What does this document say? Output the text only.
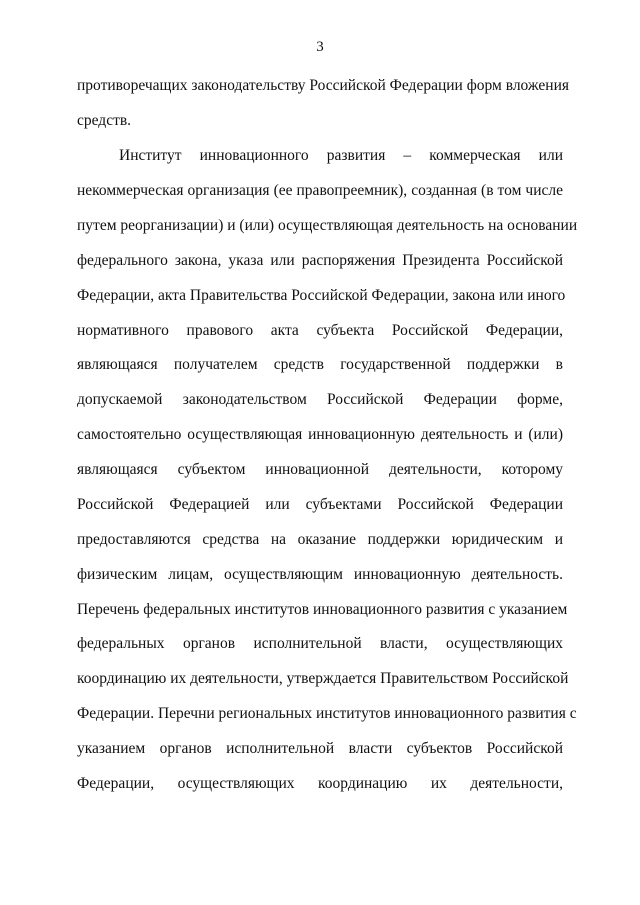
3
противоречащих законодательству Российской Федерации форм вложения
средств.
Институт инновационного развития – коммерческая или
некоммерческая организация (ее правопреемник), созданная (в том числе
путем реорганизации) и (или) осуществляющая деятельность на основании
федерального закона, указа или распоряжения Президента Российской
Федерации, акта Правительства Российской Федерации, закона или иного
нормативного правового акта субъекта Российской Федерации,
являющаяся получателем средств государственной поддержки в
допускаемой законодательством Российской Федерации форме,
самостоятельно осуществляющая инновационную деятельность и (или)
являющаяся субъектом инновационной деятельности, которому
Российской Федерацией или субъектами Российской Федерации
предоставляются средства на оказание поддержки юридическим и
физическим лицам, осуществляющим инновационную деятельность.
Перечень федеральных институтов инновационного развития с указанием
федеральных органов исполнительной власти, осуществляющих
координацию их деятельности, утверждается Правительством Российской
Федерации. Перечни региональных институтов инновационного развития с
указанием органов исполнительной власти субъектов Российской
Федерации, осуществляющих координацию их деятельности,
